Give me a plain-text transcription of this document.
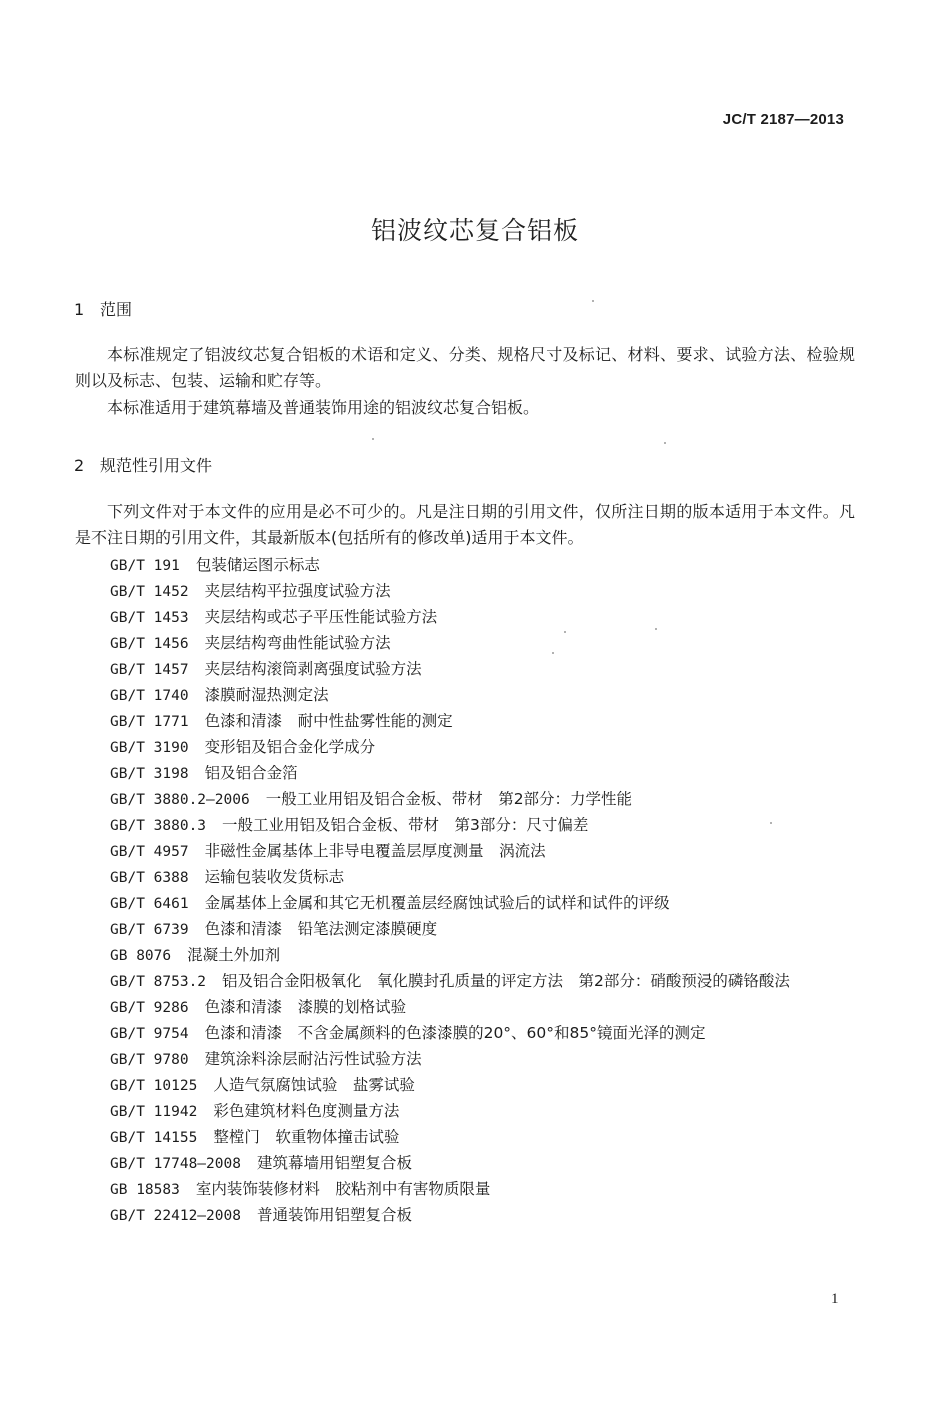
JC/T 2187—2013
铝波纹芯复合铝板
1 范围
本标准规定了铝波纹芯复合铝板的术语和定义、分类、规格尺寸及标记、材料、要求、试验方法、检验规则以及标志、包装、运输和贮存等。
本标准适用于建筑幕墙及普通装饰用途的铝波纹芯复合铝板。
2 规范性引用文件
下列文件对于本文件的应用是必不可少的。凡是注日期的引用文件，仅所注日期的版本适用于本文件。凡是不注日期的引用文件，其最新版本(包括所有的修改单)适用于本文件。
GB/T 191 包装储运图示标志
GB/T 1452 夹层结构平拉强度试验方法
GB/T 1453 夹层结构或芯子平压性能试验方法
GB/T 1456 夹层结构弯曲性能试验方法
GB/T 1457 夹层结构滚筒剥离强度试验方法
GB/T 1740 漆膜耐湿热测定法
GB/T 1771 色漆和清漆　耐中性盐雾性能的测定
GB/T 3190 变形铝及铝合金化学成分
GB/T 3198 铝及铝合金箔
GB/T 3880.2—2006 一般工业用铝及铝合金板、带材　第2部分：力学性能
GB/T 3880.3 一般工业用铝及铝合金板、带材　第3部分：尺寸偏差
GB/T 4957 非磁性金属基体上非导电覆盖层厚度测量　涡流法
GB/T 6388 运输包装收发货标志
GB/T 6461 金属基体上金属和其它无机覆盖层经腐蚀试验后的试样和试件的评级
GB/T 6739 色漆和清漆　铅笔法测定漆膜硬度
GB 8076 混凝土外加剂
GB/T 8753.2 铝及铝合金阳极氧化　氧化膜封孔质量的评定方法　第2部分：硝酸预浸的磷铬酸法
GB/T 9286 色漆和清漆　漆膜的划格试验
GB/T 9754 色漆和清漆　不含金属颜料的色漆漆膜的20°、60°和85°镜面光泽的测定
GB/T 9780 建筑涂料涂层耐沾污性试验方法
GB/T 10125 人造气氛腐蚀试验　盐雾试验
GB/T 11942 彩色建筑材料色度测量方法
GB/T 14155 整樘门　软重物体撞击试验
GB/T 17748—2008 建筑幕墙用铝塑复合板
GB 18583 室内装饰装修材料　胶粘剂中有害物质限量
GB/T 22412—2008 普通装饰用铝塑复合板
1
